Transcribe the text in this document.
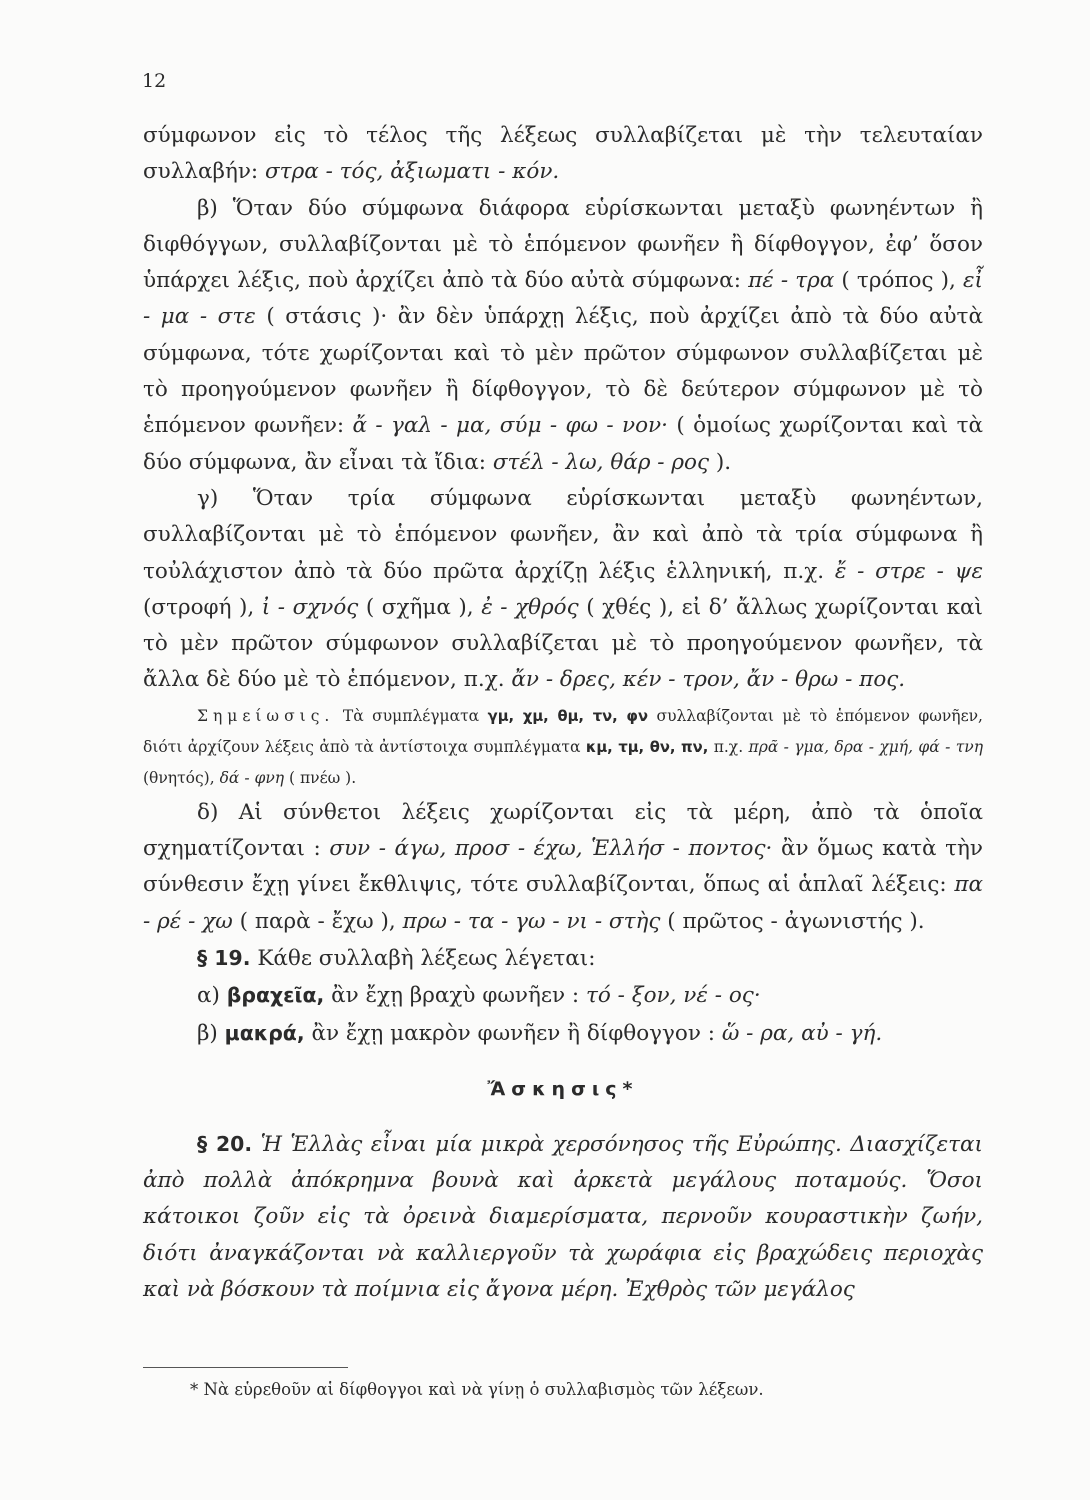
12

σύμφωνον εἰς τὸ τέλος τῆς λέξεως συλλαβίζεται μὲ τὴν τελευταίαν συλλαβήν: στρα - τός, ἀξιωματι - κόν.

β) Ὅταν δύο σύμφωνα διάφορα εὑρίσκωνται μεταξὺ φωνηέντων ἢ διφθόγγων, συλλαβίζονται μὲ τὸ ἑπόμενον φωνῆεν ἢ δίφθογγον, ἐφ’ ὅσον ὑπάρχει λέξις, ποὺ ἀρχίζει ἀπὸ τὰ δύο αὐτὰ σύμφωνα: πέ - τρα ( τρόπος ), εἶ - μα - στε ( στάσις )· ἂν δὲν ὑπάρχῃ λέξις, ποὺ ἀρχίζει ἀπὸ τὰ δύο αὐτὰ σύμφωνα, τότε χωρίζονται καὶ τὸ μὲν πρῶτον σύμφωνον συλλαβίζεται μὲ τὸ προηγούμενον φωνῆεν ἢ δίφθογγον, τὸ δὲ δεύτερον σύμφωνον μὲ τὸ ἑπόμενον φωνῆεν: ἄ - γαλ - μα, σύμ - φω - νον· ( ὁμοίως χωρίζονται καὶ τὰ δύο σύμφωνα, ἂν εἶναι τὰ ἴδια: στέλ - λω, θάρ - ρος ).

γ) Ὅταν τρία σύμφωνα εὑρίσκωνται μεταξὺ φωνηέντων, συλλαβίζονται μὲ τὸ ἑπόμενον φωνῆεν, ἂν καὶ ἀπὸ τὰ τρία σύμφωνα ἢ τοὐλάχιστον ἀπὸ τὰ δύο πρῶτα ἀρχίζῃ λέξις ἑλληνική, π.χ. ἔ - στρε - ψε (στροφή ), ἰ - σχνός ( σχῆμα ), ἐ - χθρός ( χθές ), εἰ δ’ ἄλλως χωρίζονται καὶ τὸ μὲν πρῶτον σύμφωνον συλλαβίζεται μὲ τὸ προηγούμενον φωνῆεν, τὰ ἄλλα δὲ δύο μὲ τὸ ἑπόμενον, π.χ. ἄν - δρες, κέν - τρον, ἄν - θρω - πος.

Σημείωσις. Τὰ συμπλέγματα γμ, χμ, θμ, τν, φν συλλαβίζονται μὲ τὸ ἑπόμενον φωνῆεν, διότι ἀρχίζουν λέξεις ἀπὸ τὰ ἀντίστοιχα συμπλέγματα κμ, τμ, θν, πν, π.χ. πρᾶ - γμα, δρα - χμή, φά - τνη (θνητός), δά - φνη ( πνέω ).

δ) Αἱ σύνθετοι λέξεις χωρίζονται εἰς τὰ μέρη, ἀπὸ τὰ ὁποῖα σχηματίζονται : συν - άγω, προσ - έχω, Ἑλλήσ - ποντος· ἂν ὅμως κατὰ τὴν σύνθεσιν ἔχῃ γίνει ἔκθλιψις, τότε συλλαβίζονται, ὅπως αἱ ἁπλαῖ λέξεις: πα - ρέ - χω ( παρὰ - ἔχω ), πρω - τα - γω - νι - στὴς ( πρῶτος - ἀγωνιστής ).

§ 19. Κάθε συλλαβὴ λέξεως λέγεται:

α) βραχεῖα, ἂν ἔχῃ βραχὺ φωνῆεν : τό - ξον, νέ - ος·

β) μακρά, ἂν ἔχῃ μακρὸν φωνῆεν ἢ δίφθογγον : ὥ - ρα, αὐ - γή.

Ἄσκησις*

§ 20. Ἡ Ἑλλὰς εἶναι μία μικρὰ χερσόνησος τῆς Εὐρώπης. Διασχίζεται ἀπὸ πολλὰ ἀπόκρημνα βουνὰ καὶ ἀρκετὰ μεγάλους ποταμούς. Ὅσοι κάτοικοι ζοῦν εἰς τὰ ὀρεινὰ διαμερίσματα, περνοῦν κουραστικὴν ζωήν, διότι ἀναγκάζονται νὰ καλλιεργοῦν τὰ χωράφια εἰς βραχώδεις περιοχὰς καὶ νὰ βόσκουν τὰ ποίμνια εἰς ἄγονα μέρη. Ἐχθρὸς τῶν μεγάλος

* Νὰ εὑρεθοῦν αἱ δίφθογγοι καὶ νὰ γίνῃ ὁ συλλαβισμὸς τῶν λέξεων.
